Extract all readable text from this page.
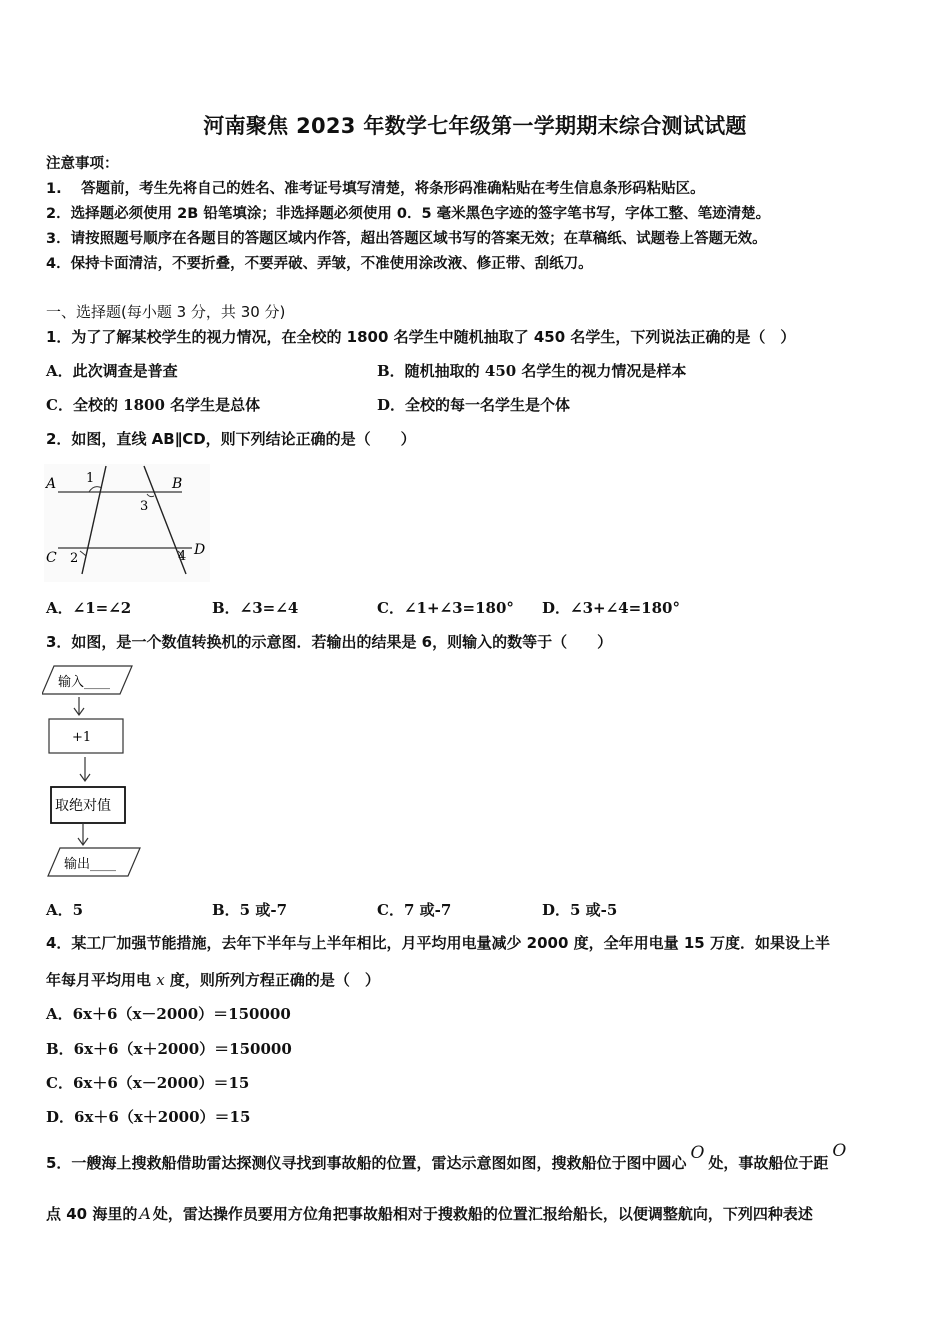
河南聚焦 2023 年数学七年级第一学期期末综合测试试题
注意事项：
1.　 答题前，考生先将自己的姓名、准考证号填写清楚，将条形码准确粘贴在考生信息条形码粘贴区。
2．选择题必须使用 2B 铅笔填涂；非选择题必须使用 0．5 毫米黑色字迹的签字笔书写，字体工整、笔迹清楚。
3．请按照题号顺序在各题目的答题区域内作答，超出答题区域书写的答案无效；在草稿纸、试题卷上答题无效。
4．保持卡面清洁，不要折叠，不要弄破、弄皱，不准使用涂改液、修正带、刮纸刀。
一、选择题(每小题 3 分，共 30 分)
1．为了了解某校学生的视力情况，在全校的 1800 名学生中随机抽取了 450 名学生，下列说法正确的是（　）
A．此次调查是普查	B．随机抽取的 450 名学生的视力情况是样本
C．全校的 1800 名学生是总体	D．全校的每一名学生是个体
2．如图，直线 AB∥CD，则下列结论正确的是（　　）
A	B
C	D
1
2
3
4
A．∠1=∠2	B．∠3=∠4	C．∠1+∠3=180° D．∠3+∠4=180°
3．如图，是一个数值转换机的示意图．若输出的结果是 6，则输入的数等于（　　）
输入____
+1
取绝对值
输出____
A．5	B．5 或-7	C．7 或-7	D．5 或-5
4．某工厂加强节能措施，去年下半年与上半年相比，月平均用电量减少 2000 度，全年用电量 15 万度．如果设上半
年每月平均用电 x 度，则所列方程正确的是（　）
A．6x＋6（x－2000）＝150000
B．6x＋6（x＋2000）＝150000
C．6x＋6（x－2000）＝15
D．6x＋6（x＋2000）＝15
5．一艘海上搜救船借助雷达探测仪寻找到事故船的位置，雷达示意图如图，搜救船位于图中圆心 O 处，事故船位于距O
点 40 海里的 A 处，雷达操作员要用方位角把事故船相对于搜救船的位置汇报给船长，以便调整航向，下列四种表述
